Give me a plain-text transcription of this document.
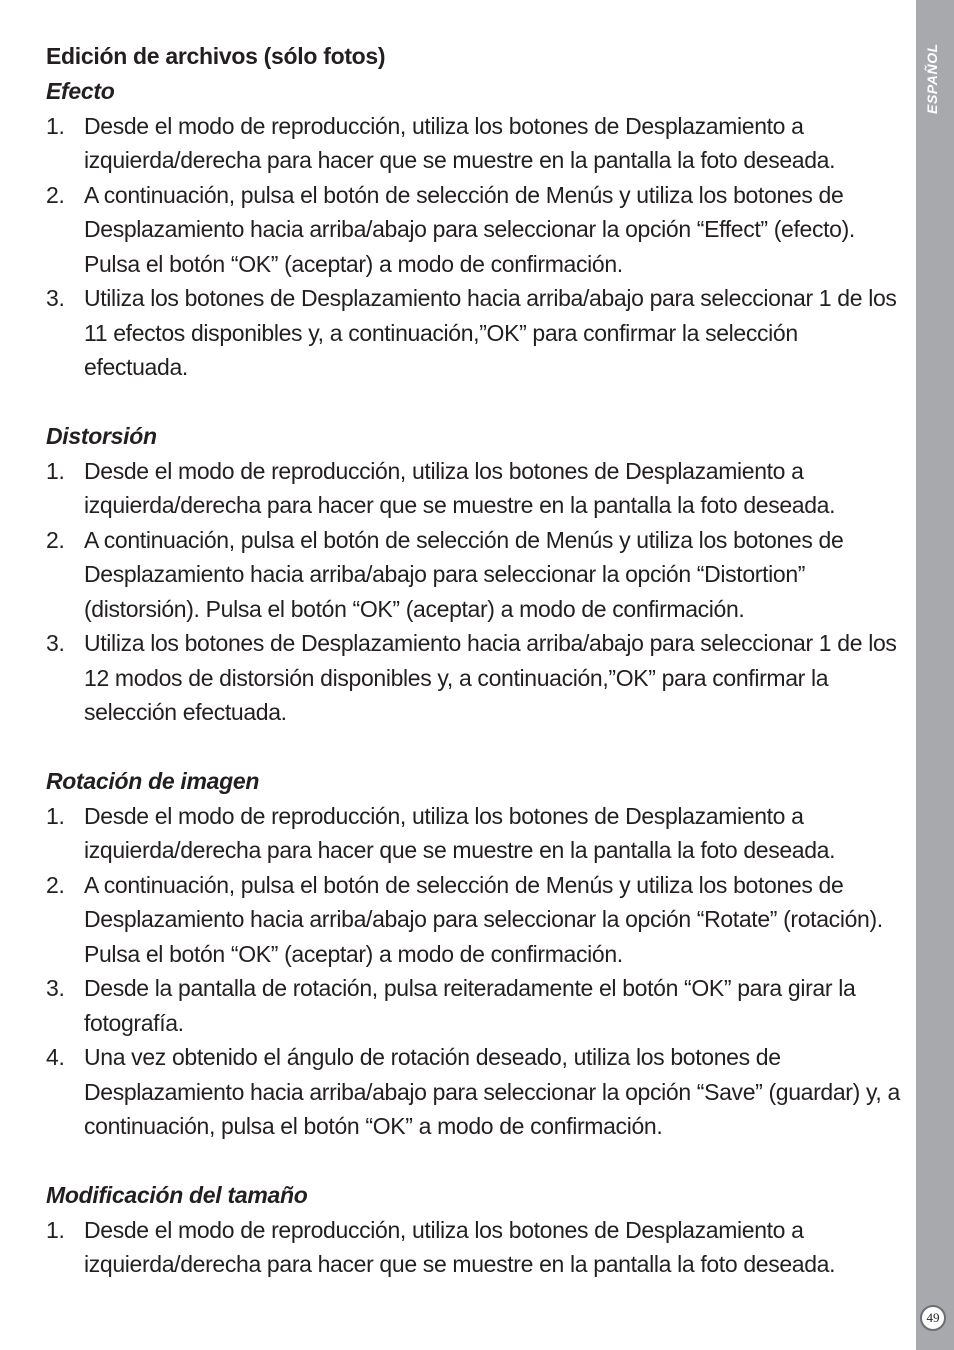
Edición de archivos (sólo fotos)
Efecto
1. Desde el modo de reproducción, utiliza los botones de Desplazamiento a izquierda/derecha para hacer que se muestre en la pantalla la foto deseada.
2. A continuación, pulsa el botón de selección de Menús y utiliza los botones de Desplazamiento hacia arriba/abajo para seleccionar la opción “Effect” (efecto). Pulsa el botón “OK” (aceptar) a modo de confirmación.
3. Utiliza los botones de Desplazamiento hacia arriba/abajo para seleccionar 1 de los 11 efectos disponibles y, a continuación,”OK” para confirmar la selección efectuada.
Distorsión
1. Desde el modo de reproducción, utiliza los botones de Desplazamiento a izquierda/derecha para hacer que se muestre en la pantalla la foto deseada.
2. A continuación, pulsa el botón de selección de Menús y utiliza los botones de Desplazamiento hacia arriba/abajo para seleccionar la opción “Distortion” (distorsión). Pulsa el botón “OK” (aceptar) a modo de confirmación.
3. Utiliza los botones de Desplazamiento hacia arriba/abajo para seleccionar 1 de los 12 modos de distorsión disponibles y, a continuación,”OK” para confirmar la selección efectuada.
Rotación de imagen
1. Desde el modo de reproducción, utiliza los botones de Desplazamiento a izquierda/derecha para hacer que se muestre en la pantalla la foto deseada.
2. A continuación, pulsa el botón de selección de Menús y utiliza los botones de Desplazamiento hacia arriba/abajo para seleccionar la opción “Rotate” (rotación). Pulsa el botón “OK” (aceptar) a modo de confirmación.
3. Desde la pantalla de rotación, pulsa reiteradamente el botón “OK” para girar la fotografía.
4. Una vez obtenido el ángulo de rotación deseado, utiliza los botones de Desplazamiento hacia arriba/abajo para seleccionar la opción “Save” (guardar) y, a continuación, pulsa el botón “OK” a modo de confirmación.
Modificación del tamaño
1. Desde el modo de reproducción, utiliza los botones de Desplazamiento a izquierda/derecha para hacer que se muestre en la pantalla la foto deseada.
ESPAÑOL
49
